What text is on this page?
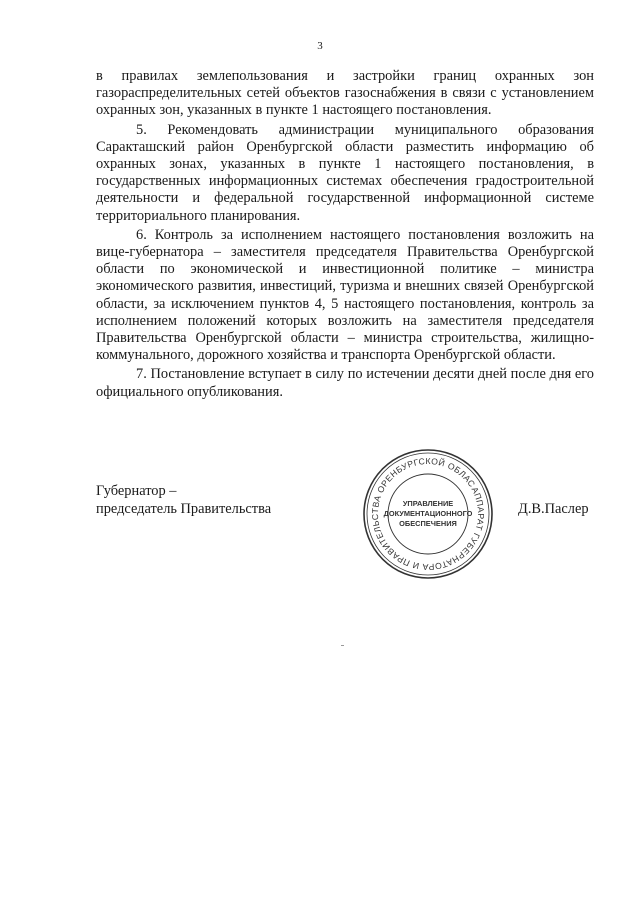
3

в правилах землепользования и застройки границ охранных зон газораспределительных сетей объектов газоснабжения в связи с установлением охранных зон, указанных в пункте 1 настоящего постановления.

5. Рекомендовать администрации муниципального образования Саракташский район Оренбургской области разместить информацию об охранных зонах, указанных в пункте 1 настоящего постановления, в государственных информационных системах обеспечения градостроительной деятельности и федеральной государственной информационной системе территориального планирования.

6. Контроль за исполнением настоящего постановления возложить на вице-губернатора – заместителя председателя Правительства Оренбургской области по экономической и инвестиционной политике – министра экономического развития, инвестиций, туризма и внешних связей Оренбургской области, за исключением пунктов 4, 5 настоящего постановления, контроль за исполнением положений которых возложить на заместителя председателя Правительства Оренбургской области – министра строительства, жилищно-коммунального, дорожного хозяйства и транспорта Оренбургской области.

7. Постановление вступает в силу по истечении десяти дней после дня его официального опубликования.

Губернатор –
председатель Правительства
АППАРАТ ГУБЕРНАТОРА И ПРАВИТЕЛЬСТВА ОРЕНБУРГСКОЙ ОБЛАСТИ
УПРАВЛЕНИЕ
ДОКУМЕНТАЦИОННОГО
ОБЕСПЕЧЕНИЯ
Д.В.Паслер
